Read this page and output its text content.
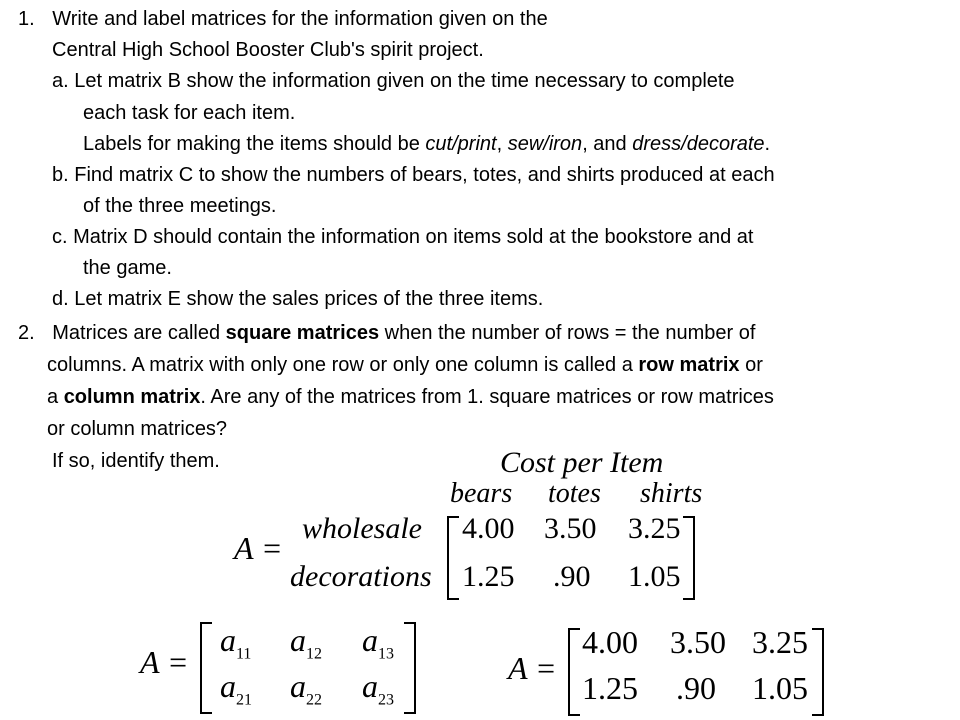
1. Write and label matrices for the information given on the
Central High School Booster Club's spirit project.
a. Let matrix B show the information given on the time necessary to complete
each task for each item.
Labels for making the items should be cut/print, sew/iron, and dress/decorate.
b. Find matrix C to show the numbers of bears, totes, and shirts produced at each
of the three meetings.
c. Matrix D should contain the information on items sold at the bookstore and at
the game.
d. Let matrix E show the sales prices of the three items.
2. Matrices are called square matrices when the number of rows = the number of
columns. A matrix with only one row or only one column is called a row matrix or
a column matrix. Are any of the matrices from 1. square matrices or row matrices
or column matrices?
If so, identify them.	Cost per Item
bears totes shirts
A =
wholesale
decorations
4.00 3.50 3.25
1.25 .90 1.05
A =
$a_{11}$ $a_{12}$ $a_{13}$
$a_{21}$ $a_{22}$ $a_{23}$
A =
4.00 3.50 3.25
1.25 .90 1.05
